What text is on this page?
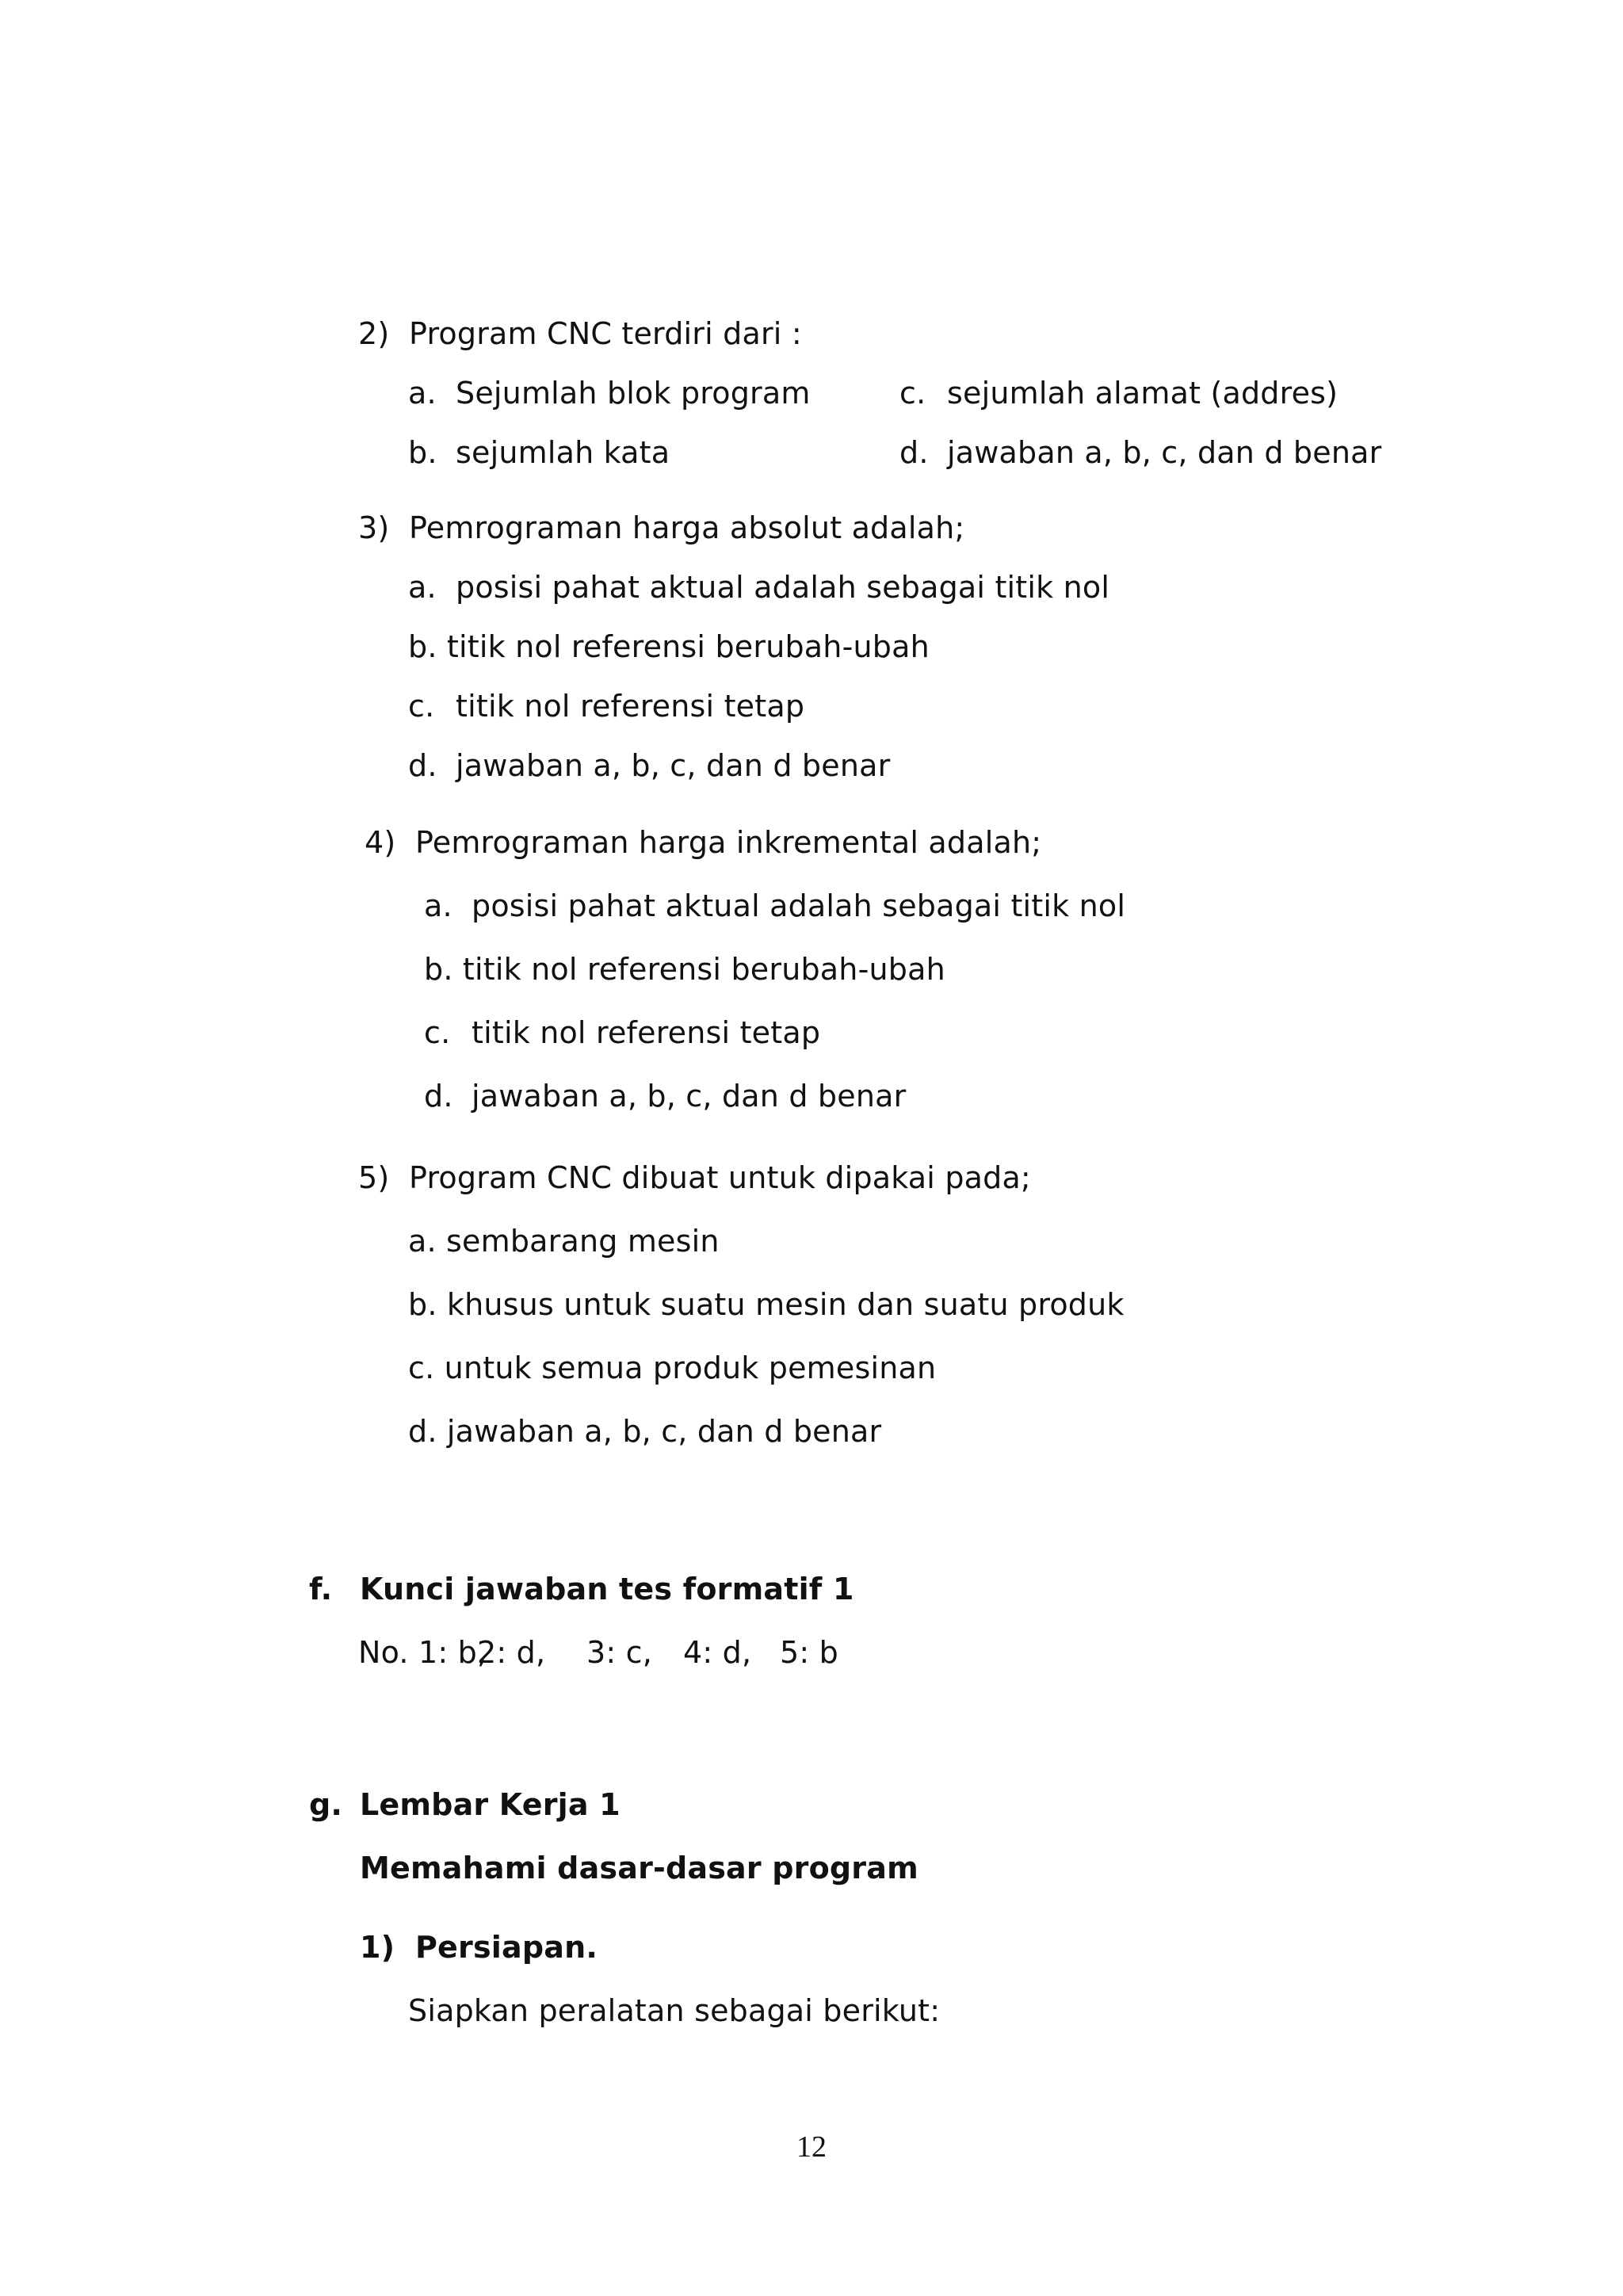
2) Program CNC terdiri dari :
a. Sejumlah blok program
b. sejumlah kata
c. sejumlah alamat (addres)
d. jawaban a, b, c, dan d benar
3) Pemrograman harga absolut adalah;
a. posisi pahat aktual adalah sebagai titik nol
b. titik nol referensi berubah-ubah
c. titik nol referensi tetap
d. jawaban a, b, c, dan d benar
4) Pemrograman harga inkremental adalah;
a. posisi pahat aktual adalah sebagai titik nol
b. titik nol referensi berubah-ubah
c. titik nol referensi tetap
d. jawaban a, b, c, dan d benar
5) Program CNC dibuat untuk dipakai pada;
a. sembarang mesin
b. khusus untuk suatu mesin dan suatu produk
c. untuk semua produk pemesinan
d. jawaban a, b, c, dan d benar
f. Kunci jawaban tes formatif 1
No. 1: b,2: d, 3: c, 4: d, 5: b
g. Lembar Kerja 1
Memahami dasar-dasar program
1) Persiapan.
Siapkan peralatan sebagai berikut:
12
